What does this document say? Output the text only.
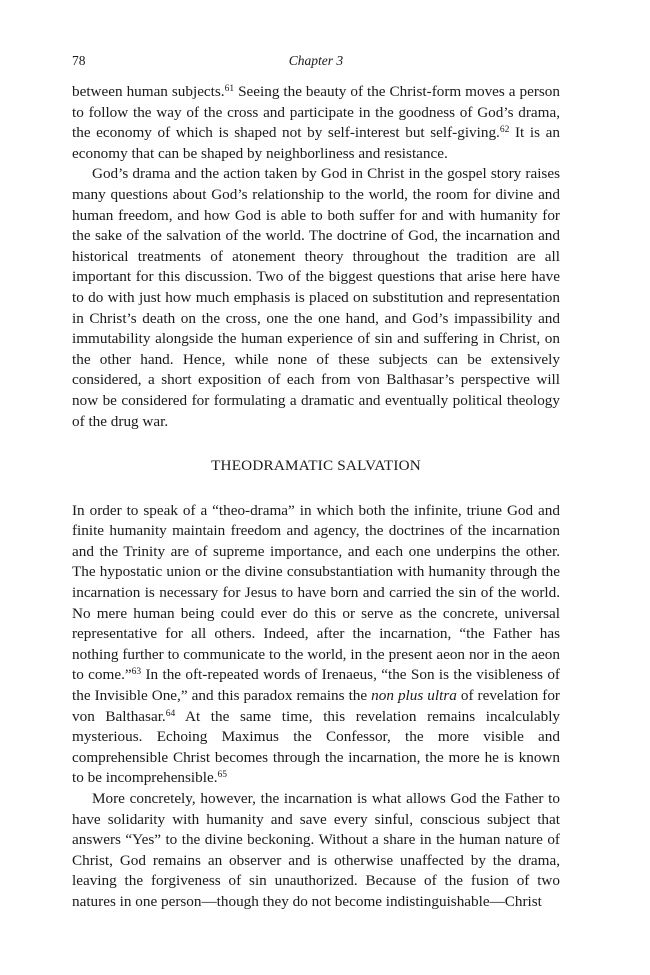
78	Chapter 3

between human subjects.$^{61}$ Seeing the beauty of the Christ-form moves a person to follow the way of the cross and participate in the goodness of God’s drama, the economy of which is shaped not by self-interest but self-giving.$^{62}$ It is an economy that can be shaped by neighborliness and resistance.

God’s drama and the action taken by God in Christ in the gospel story raises many questions about God’s relationship to the world, the room for divine and human freedom, and how God is able to both suffer for and with humanity for the sake of the salvation of the world. The doctrine of God, the incarnation and historical treatments of atonement theory throughout the tradition are all important for this discussion. Two of the biggest questions that arise here have to do with just how much emphasis is placed on substitution and representation in Christ’s death on the cross, one the one hand, and God’s impassibility and immutability alongside the human experience of sin and suffering in Christ, on the other hand. Hence, while none of these subjects can be extensively considered, a short exposition of each from von Balthasar’s perspective will now be considered for formulating a dramatic and eventually political theology of the drug war.

THEODRAMATIC SALVATION

In order to speak of a “theo-drama” in which both the infinite, triune God and finite humanity maintain freedom and agency, the doctrines of the incarnation and the Trinity are of supreme importance, and each one underpins the other. The hypostatic union or the divine consubstantiation with humanity through the incarnation is necessary for Jesus to have born and carried the sin of the world. No mere human being could ever do this or serve as the concrete, universal representative for all others. Indeed, after the incarnation, “the Father has nothing further to communicate to the world, in the present aeon nor in the aeon to come.”$^{63}$ In the oft-repeated words of Irenaeus, “the Son is the visibleness of the Invisible One,” and this paradox remains the non plus ultra of revelation for von Balthasar.$^{64}$ At the same time, this revelation remains incalculably mysterious. Echoing Maximus the Confessor, the more visible and comprehensible Christ becomes through the incarnation, the more he is known to be incomprehensible.$^{65}$

More concretely, however, the incarnation is what allows God the Father to have solidarity with humanity and save every sinful, conscious subject that answers “Yes” to the divine beckoning. Without a share in the human nature of Christ, God remains an observer and is otherwise unaffected by the drama, leaving the forgiveness of sin unauthorized. Because of the fusion of two natures in one person—though they do not become indistinguishable—Christ
